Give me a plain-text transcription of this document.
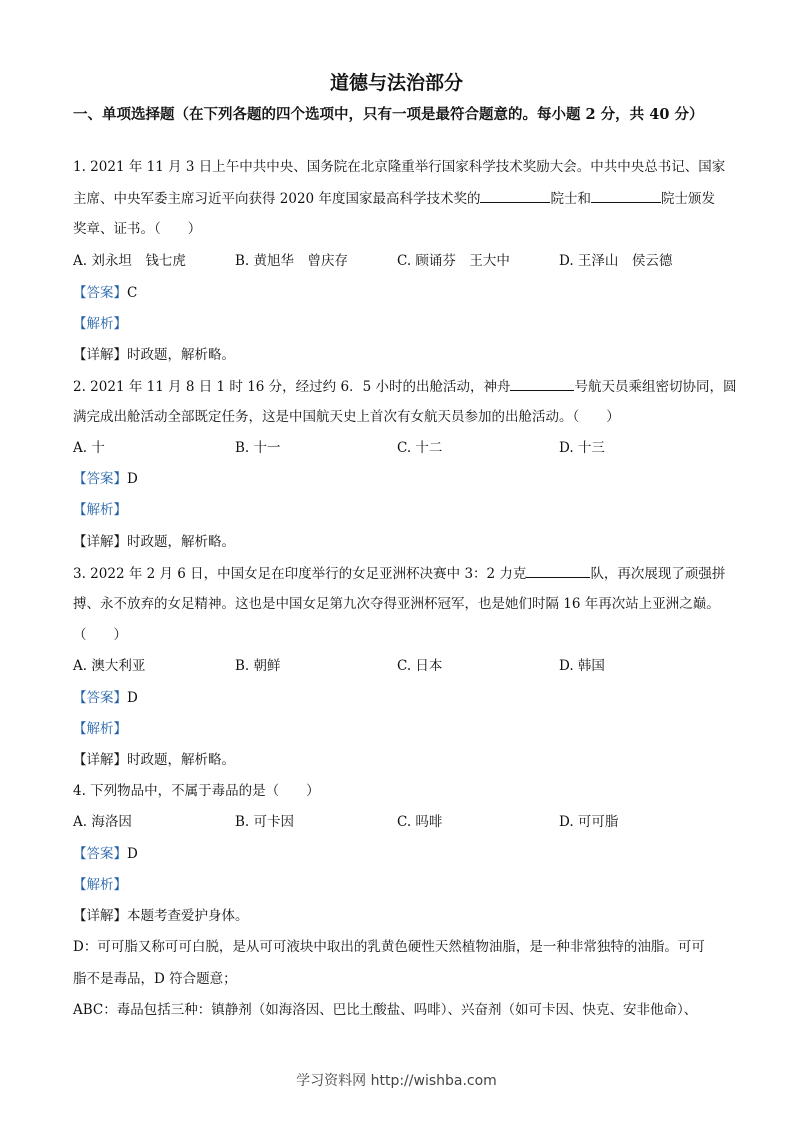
道德与法治部分
一、单项选择题（在下列各题的四个选项中，只有一项是最符合题意的。每小题 2 分，共 40 分）
1. 2021 年 11 月 3 日上午中共中央、国务院在北京隆重举行国家科学技术奖励大会。中共中央总书记、国家
主席、中央军委主席习近平向获得 2020 年度国家最高科学技术奖的	院士和	院士颁发
奖章、证书。（　　）
A. 刘永坦　钱七虎	B. 黄旭华　曾庆存	C. 顾诵芬　王大中	D. 王泽山　侯云德
【答案】C
【解析】
【详解】时政题，解析略。
2. 2021 年 11 月 8 日 1 时 16 分，经过约 6．5 小时的出舱活动，神舟	号航天员乘组密切协同，圆
满完成出舱活动全部既定任务，这是中国航天史上首次有女航天员参加的出舱活动。（　　）
A. 十	B. 十一	C. 十二	D. 十三
【答案】D
【解析】
【详解】时政题，解析略。
3. 2022 年 2 月 6 日，中国女足在印度举行的女足亚洲杯决赛中 3：2 力克	队，再次展现了顽强拼
搏、永不放弃的女足精神。这也是中国女足第九次夺得亚洲杯冠军，也是她们时隔 16 年再次站上亚洲之巅。
（　　）
A. 澳大利亚	B. 朝鲜	C. 日本	D. 韩国
【答案】D
【解析】
【详解】时政题，解析略。
4. 下列物品中，不属于毒品的是（　　）
A. 海洛因	B. 可卡因	C. 吗啡	D. 可可脂
【答案】D
【解析】
【详解】本题考查爱护身体。
D：可可脂又称可可白脱，是从可可液块中取出的乳黄色硬性天然植物油脂，是一种非常独特的油脂。可可
脂不是毒品，D 符合题意；
ABC：毒品包括三种：镇静剂（如海洛因、巴比土酸盐、吗啡）、兴奋剂（如可卡因、快克、安非他命）、
学习资料网 http://wishba.com
